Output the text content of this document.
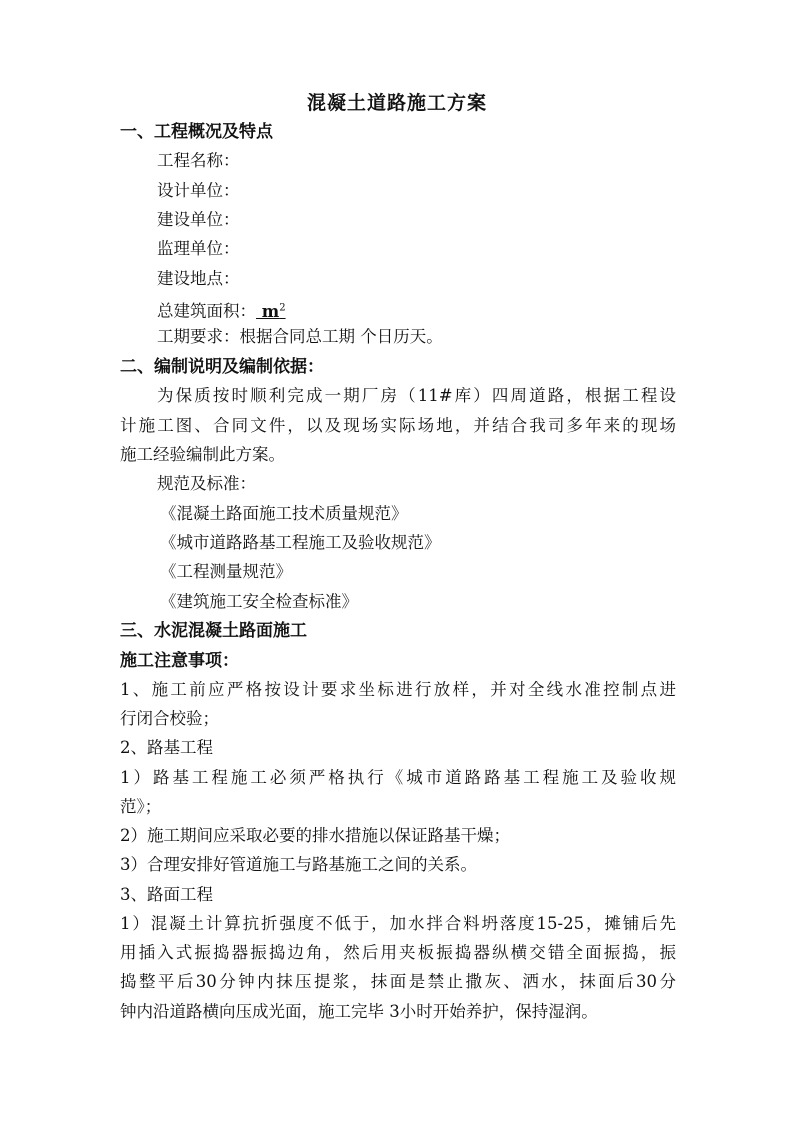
混凝土道路施工方案
一、工程概况及特点
工程名称：
设计单位：
建设单位：
监理单位：
建设地点：
总建筑面积： $m^2$
工期要求：根据合同总工期 个日历天。
二、编制说明及编制依据：
为保质按时顺利完成一期厂房（11#库）四周道路，根据工程设
计施工图、合同文件，以及现场实际场地，并结合我司多年来的现场
施工经验编制此方案。
规范及标准：
《混凝土路面施工技术质量规范》
《城市道路路基工程施工及验收规范》
《工程测量规范》
《建筑施工安全检查标准》
三、水泥混凝土路面施工
施工注意事项：
1、施工前应严格按设计要求坐标进行放样，并对全线水准控制点进
行闭合校验；
2、路基工程
1）路基工程施工必须严格执行《城市道路路基工程施工及验收规
范》；
2）施工期间应采取必要的排水措施以保证路基干燥；
3）合理安排好管道施工与路基施工之间的关系。
3、路面工程
1）混凝土计算抗折强度不低于，加水拌合料坍落度15-25，摊铺后先
用插入式振捣器振捣边角，然后用夹板振捣器纵横交错全面振捣，振
捣整平后30分钟内抹压提浆，抹面是禁止撒灰、洒水，抹面后30分
钟内沿道路横向压成光面，施工完毕 3小时开始养护，保持湿润。
